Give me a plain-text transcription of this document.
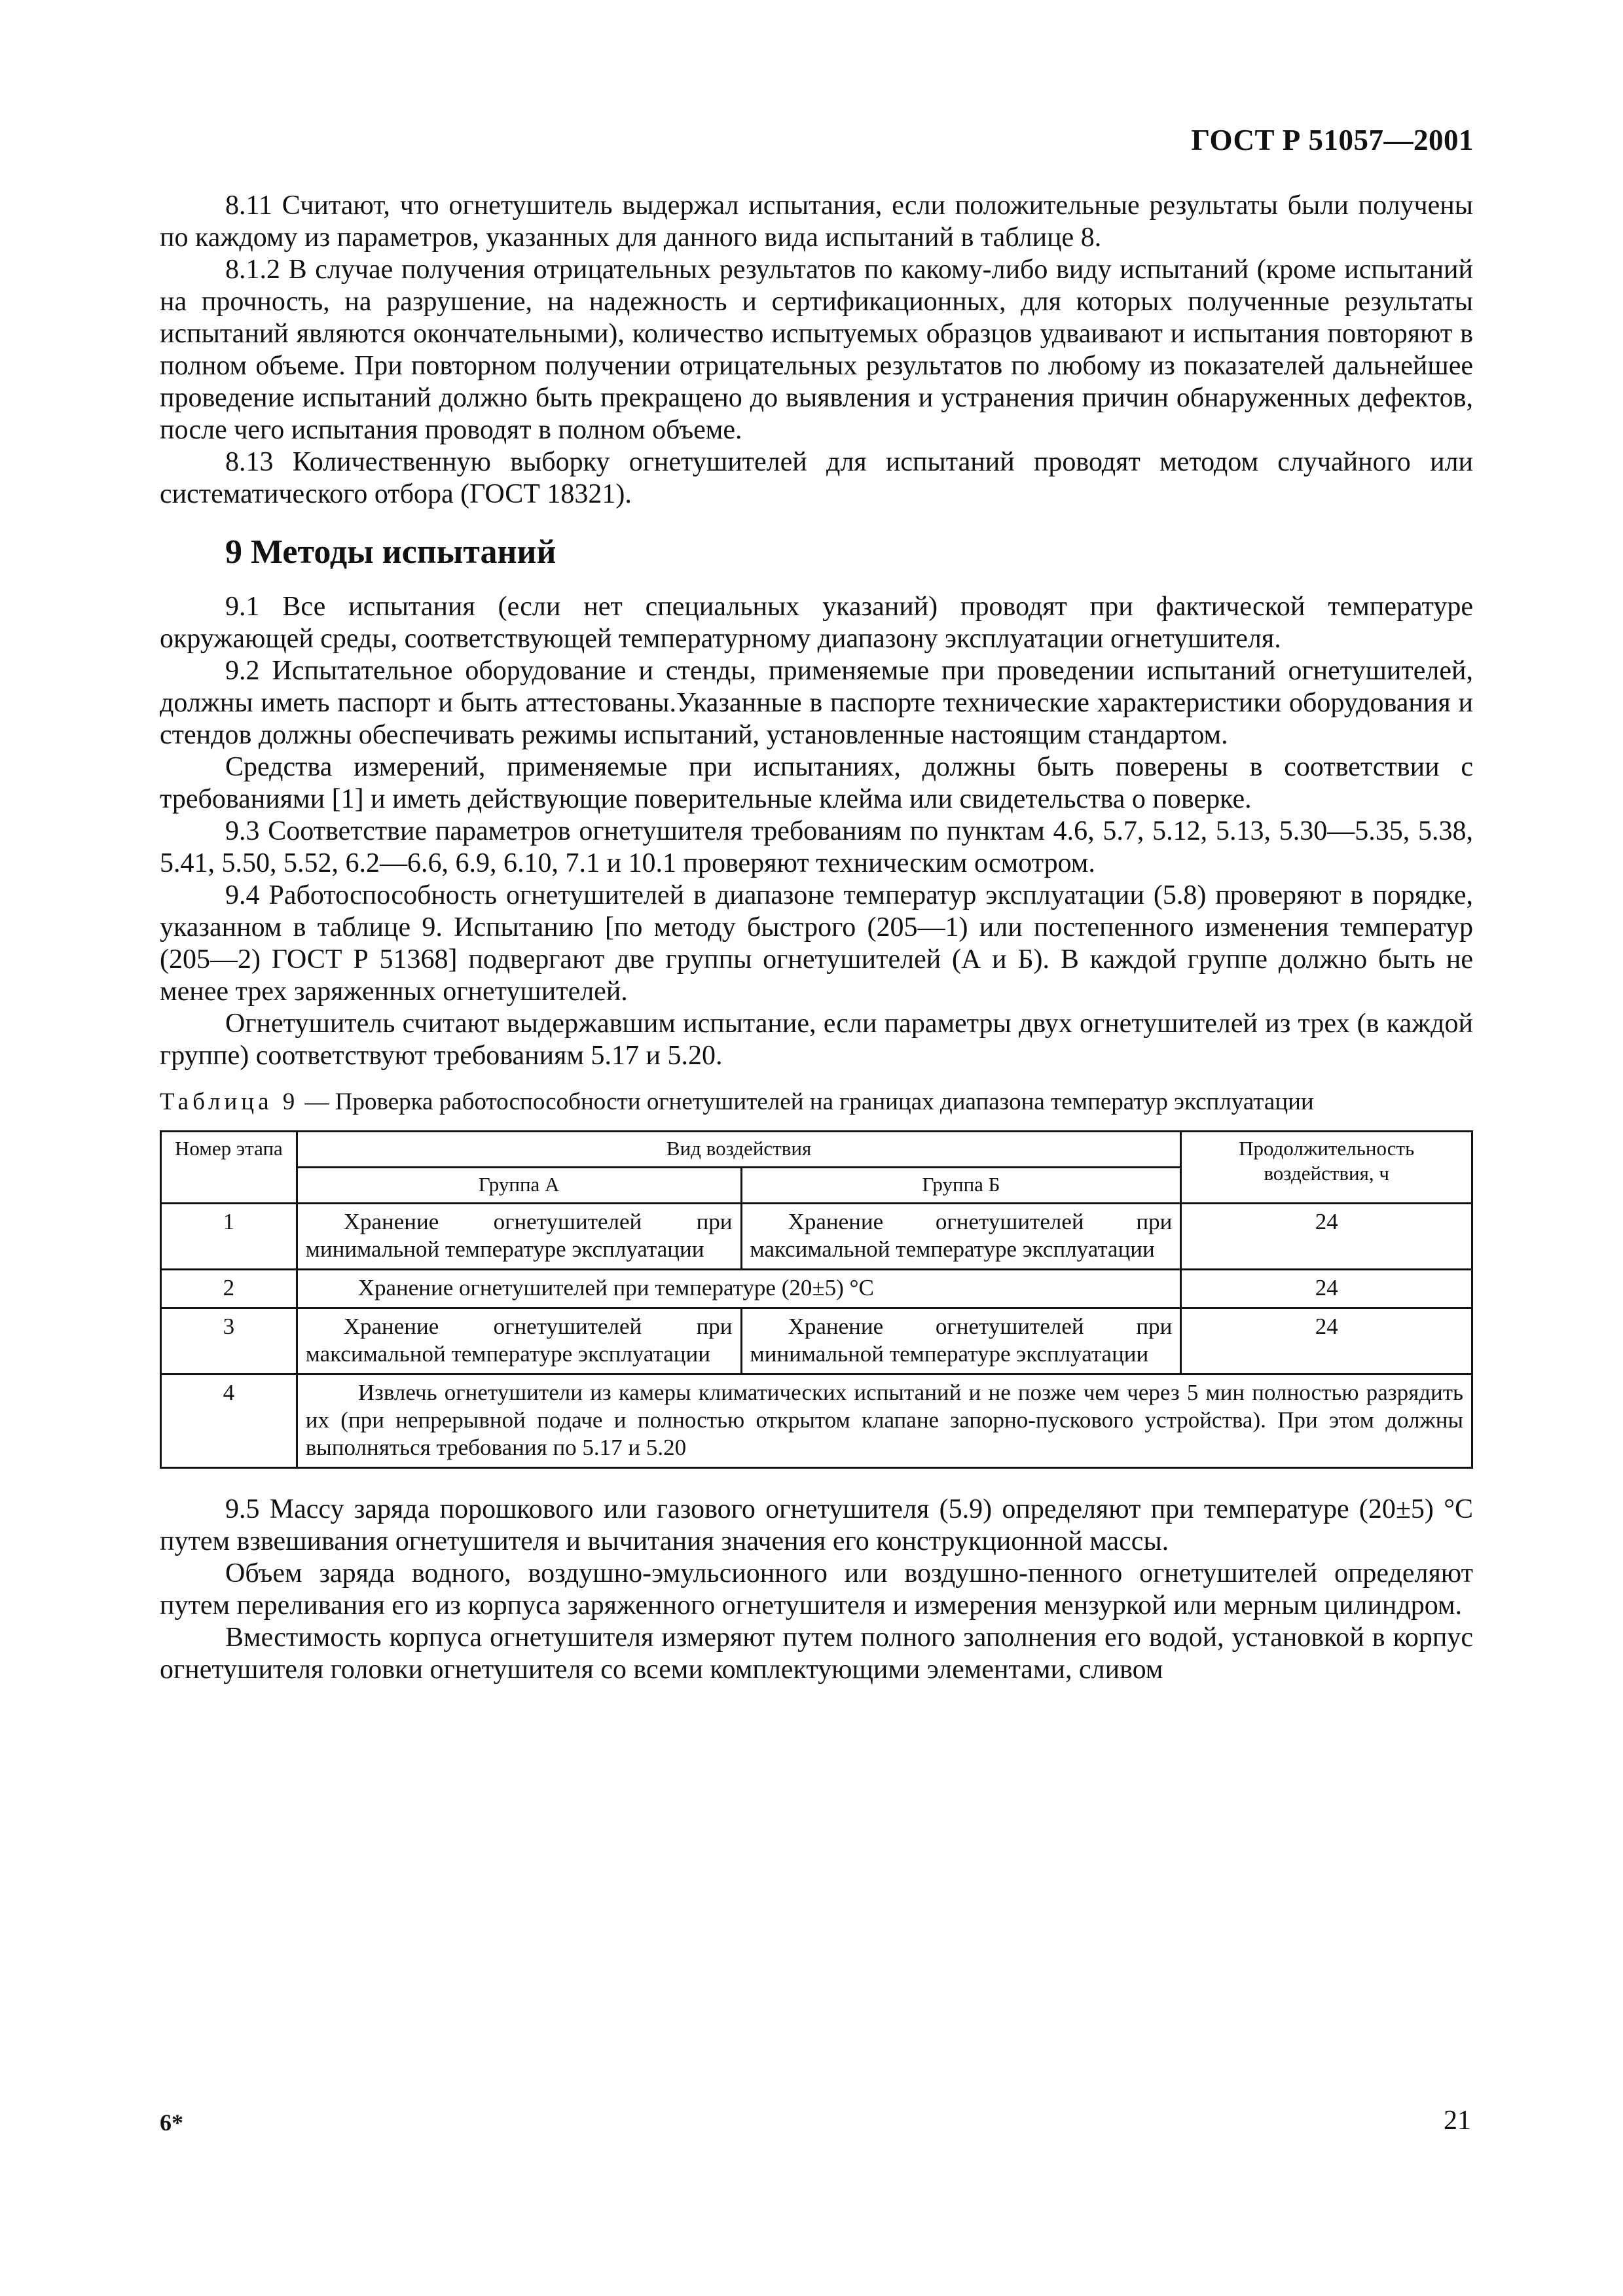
ГОСТ Р 51057—2001

8.11 Считают, что огнетушитель выдержал испытания, если положительные результаты были получены по каждому из параметров, указанных для данного вида испытаний в таблице 8.

8.1.2 В случае получения отрицательных результатов по какому-либо виду испытаний (кроме испытаний на прочность, на разрушение, на надежность и сертификационных, для которых полученные результаты испытаний являются окончательными), количество испытуемых образцов удваивают и испытания повторяют в полном объеме. При повторном получении отрицательных результатов по любому из показателей дальнейшее проведение испытаний должно быть прекращено до выявления и устранения причин обнаруженных дефектов, после чего испытания проводят в полном объеме.

8.13 Количественную выборку огнетушителей для испытаний проводят методом случайного или систематического отбора (ГОСТ 18321).

9 Методы испытаний

9.1 Все испытания (если нет специальных указаний) проводят при фактической температуре окружающей среды, соответствующей температурному диапазону эксплуатации огнетушителя.

9.2 Испытательное оборудование и стенды, применяемые при проведении испытаний огнетушителей, должны иметь паспорт и быть аттестованы.Указанные в паспорте технические характеристики оборудования и стендов должны обеспечивать режимы испытаний, установленные настоящим стандартом.

Средства измерений, применяемые при испытаниях, должны быть поверены в соответствии с требованиями [1] и иметь действующие поверительные клейма или свидетельства о поверке.

9.3 Соответствие параметров огнетушителя требованиям по пунктам 4.6, 5.7, 5.12, 5.13, 5.30—5.35, 5.38, 5.41, 5.50, 5.52, 6.2—6.6, 6.9, 6.10, 7.1 и 10.1 проверяют техническим осмотром.

9.4 Работоспособность огнетушителей в диапазоне температур эксплуатации (5.8) проверяют в порядке, указанном в таблице 9. Испытанию [по методу быстрого (205—1) или постепенного изменения температур (205—2) ГОСТ Р 51368] подвергают две группы огнетушителей (А и Б). В каждой группе должно быть не менее трех заряженных огнетушителей.

Огнетушитель считают выдержавшим испытание, если параметры двух огнетушителей из трех (в каждой группе) соответствуют требованиям 5.17 и 5.20.

Таблица 9 — Проверка работоспособности огнетушителей на границах диапазона температур эксплуатации
Номер этапа	Вид воздействия		Продолжительность воздействия, ч
	Группа А	Группа Б	
1	Хранение огнетушителей при минимальной температуре эксплуатации	Хранение огнетушителей при максимальной температуре эксплуатации	24
2	Хранение огнетушителей при температуре (20±5) °С		24
3	Хранение огнетушителей при максимальной температуре эксплуатации	Хранение огнетушителей при минимальной температуре эксплуатации	24
4	Извлечь огнетушители из камеры климатических испытаний и не позже чем через 5 мин полностью разрядить их (при непрерывной подаче и полностью открытом клапане запорно-пускового устройства). При этом должны выполняться требования по 5.17 и 5.20		

9.5 Массу заряда порошкового или газового огнетушителя (5.9) определяют при температуре (20±5) °С путем взвешивания огнетушителя и вычитания значения его конструкционной массы.

Объем заряда водного, воздушно-эмульсионного или воздушно-пенного огнетушителей определяют путем переливания его из корпуса заряженного огнетушителя и измерения мензуркой или мерным цилиндром.

Вместимость корпуса огнетушителя измеряют путем полного заполнения его водой, установкой в корпус огнетушителя головки огнетушителя со всеми комплектующими элементами, сливом

6*	21
